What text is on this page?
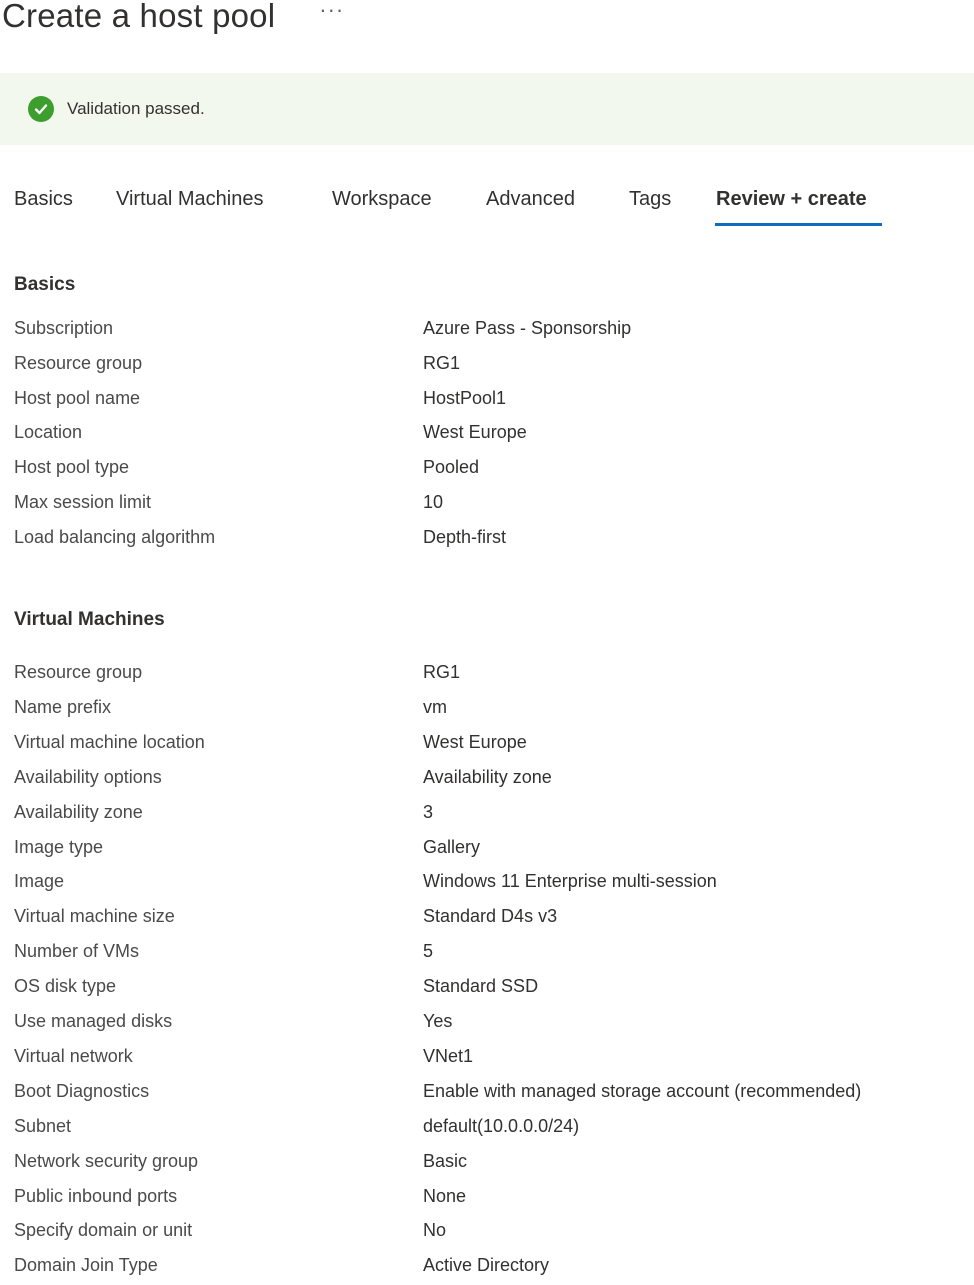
Create a host pool ···
Validation passed.
Basics Virtual Machines	Workspace	Advanced	Tags Review + create
Basics
Subscription	Azure Pass - Sponsorship
Resource group	RG1
Host pool name	HostPool1
Location	West Europe
Host pool type	Pooled
Max session limit	10
Load balancing algorithm	Depth-first
Virtual Machines
Resource group	RG1
Name prefix	vm
Virtual machine location	West Europe
Availability options	Availability zone
Availability zone	3
Image type	Gallery
Image	Windows 11 Enterprise multi-session
Virtual machine size	Standard D4s v3
Number of VMs	5
OS disk type	Standard SSD
Use managed disks	Yes
Virtual network	VNet1
Boot Diagnostics	Enable with managed storage account (recommended)
Subnet	default(10.0.0.0/24)
Network security group	Basic
Public inbound ports	None
Specify domain or unit	No
Domain Join Type	Active Directory
